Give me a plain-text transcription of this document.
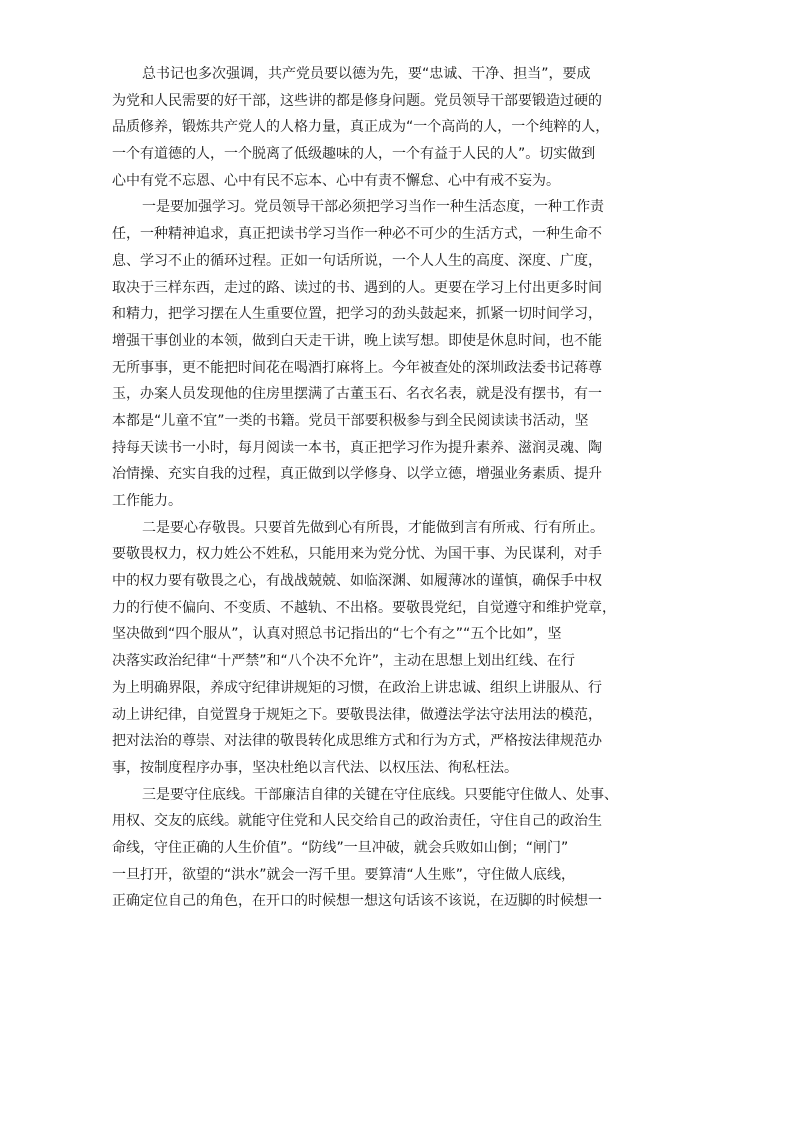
总书记也多次强调，共产党员要以德为先，要“忠诚、干净、担当”，要成
为党和人民需要的好干部，这些讲的都是修身问题。党员领导干部要锻造过硬的
品质修养，锻炼共产党人的人格力量，真正成为“一个高尚的人，一个纯粹的人，
一个有道德的人，一个脱离了低级趣味的人，一个有益于人民的人”。切实做到
心中有党不忘恩、心中有民不忘本、心中有责不懈怠、心中有戒不妄为。
一是要加强学习。党员领导干部必须把学习当作一种生活态度，一种工作责
任，一种精神追求，真正把读书学习当作一种必不可少的生活方式，一种生命不
息、学习不止的循环过程。正如一句话所说，一个人人生的高度、深度、广度，
取决于三样东西，走过的路、读过的书、遇到的人。更要在学习上付出更多时间
和精力，把学习摆在人生重要位置，把学习的劲头鼓起来，抓紧一切时间学习，
增强干事创业的本领，做到白天走干讲，晚上读写想。即使是休息时间，也不能
无所事事，更不能把时间花在喝酒打麻将上。今年被查处的深圳政法委书记蒋尊
玉，办案人员发现他的住房里摆满了古董玉石、名衣名表，就是没有摆书，有一
本都是“儿童不宜”一类的书籍。党员干部要积极参与到全民阅读读书活动，坚
持每天读书一小时，每月阅读一本书，真正把学习作为提升素养、滋润灵魂、陶
冶情操、充实自我的过程，真正做到以学修身、以学立德，增强业务素质、提升
工作能力。
二是要心存敬畏。只要首先做到心有所畏，才能做到言有所戒、行有所止。
要敬畏权力，权力姓公不姓私，只能用来为党分忧、为国干事、为民谋利，对手
中的权力要有敬畏之心，有战战兢兢、如临深渊、如履薄冰的谨慎，确保手中权
力的行使不偏向、不变质、不越轨、不出格。要敬畏党纪，自觉遵守和维护党章，
坚决做到“四个服从”，认真对照总书记指出的“七个有之”“五个比如”，坚
决落实政治纪律“十严禁”和“八个决不允许”，主动在思想上划出红线、在行
为上明确界限，养成守纪律讲规矩的习惯，在政治上讲忠诚、组织上讲服从、行
动上讲纪律，自觉置身于规矩之下。要敬畏法律，做遵法学法守法用法的模范，
把对法治的尊崇、对法律的敬畏转化成思维方式和行为方式，严格按法律规范办
事，按制度程序办事，坚决杜绝以言代法、以权压法、徇私枉法。
三是要守住底线。干部廉洁自律的关键在守住底线。只要能守住做人、处事、
用权、交友的底线。就能守住党和人民交给自己的政治责任，守住自己的政治生
命线，守住正确的人生价值”。“防线”一旦冲破，就会兵败如山倒；“闸门”
一旦打开，欲望的“洪水”就会一泻千里。要算清“人生账”，守住做人底线，
正确定位自己的角色，在开口的时候想一想这句话该不该说，在迈脚的时候想一
